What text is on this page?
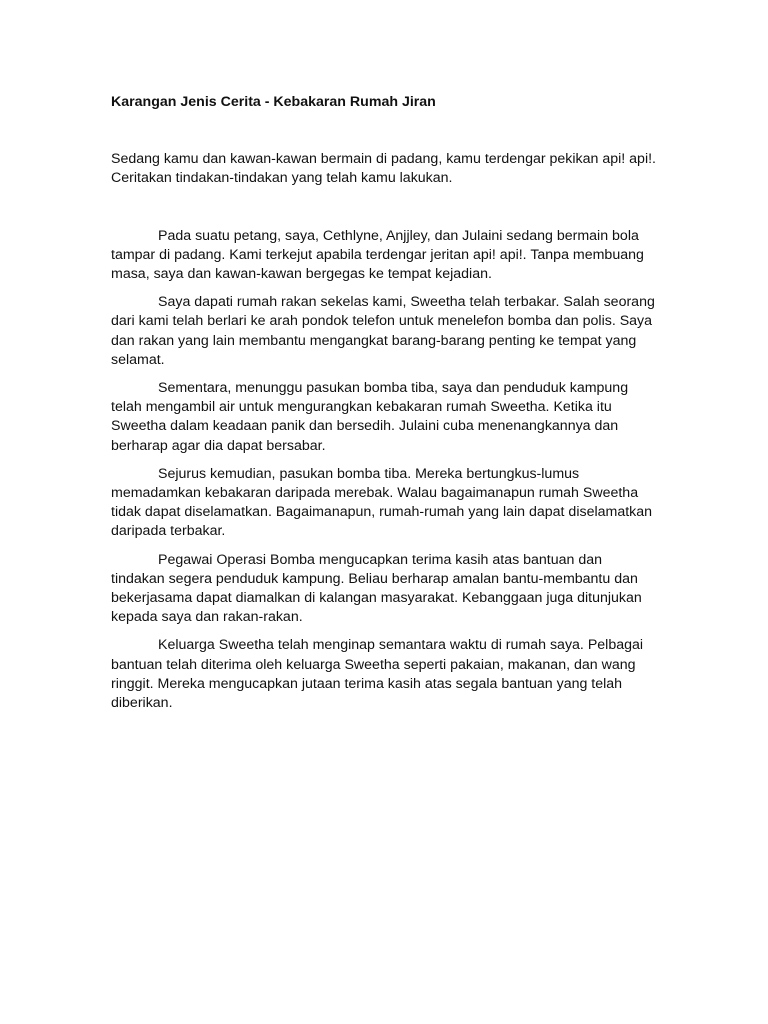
Karangan Jenis Cerita - Kebakaran Rumah Jiran
Sedang kamu dan kawan-kawan bermain di padang, kamu terdengar pekikan api! api!. Ceritakan tindakan-tindakan yang telah kamu lakukan.
Pada suatu petang, saya, Cethlyne, Anjjley, dan Julaini sedang bermain bola tampar di padang. Kami terkejut apabila terdengar jeritan api! api!. Tanpa membuang masa, saya dan kawan-kawan bergegas ke tempat kejadian.
Saya dapati rumah rakan sekelas kami, Sweetha telah terbakar. Salah seorang dari kami telah berlari ke arah pondok telefon untuk menelefon bomba dan polis. Saya dan rakan yang lain membantu mengangkat barang-barang penting ke tempat yang selamat.
Sementara, menunggu pasukan bomba tiba, saya dan penduduk kampung telah mengambil air untuk mengurangkan kebakaran rumah Sweetha. Ketika itu Sweetha dalam keadaan panik dan bersedih. Julaini cuba menenangkannya dan berharap agar dia dapat bersabar.
Sejurus kemudian, pasukan bomba tiba. Mereka bertungkus-lumus memadamkan kebakaran daripada merebak. Walau bagaimanapun rumah Sweetha tidak dapat diselamatkan. Bagaimanapun, rumah-rumah yang lain dapat diselamatkan daripada terbakar.
Pegawai Operasi Bomba mengucapkan terima kasih atas bantuan dan tindakan segera penduduk kampung. Beliau berharap amalan bantu-membantu dan bekerjasama dapat diamalkan di kalangan masyarakat. Kebanggaan juga ditunjukan kepada saya dan rakan-rakan.
Keluarga Sweetha telah menginap semantara waktu di rumah saya. Pelbagai bantuan telah diterima oleh keluarga Sweetha seperti pakaian, makanan, dan wang ringgit. Mereka mengucapkan jutaan terima kasih atas segala bantuan yang telah diberikan.
